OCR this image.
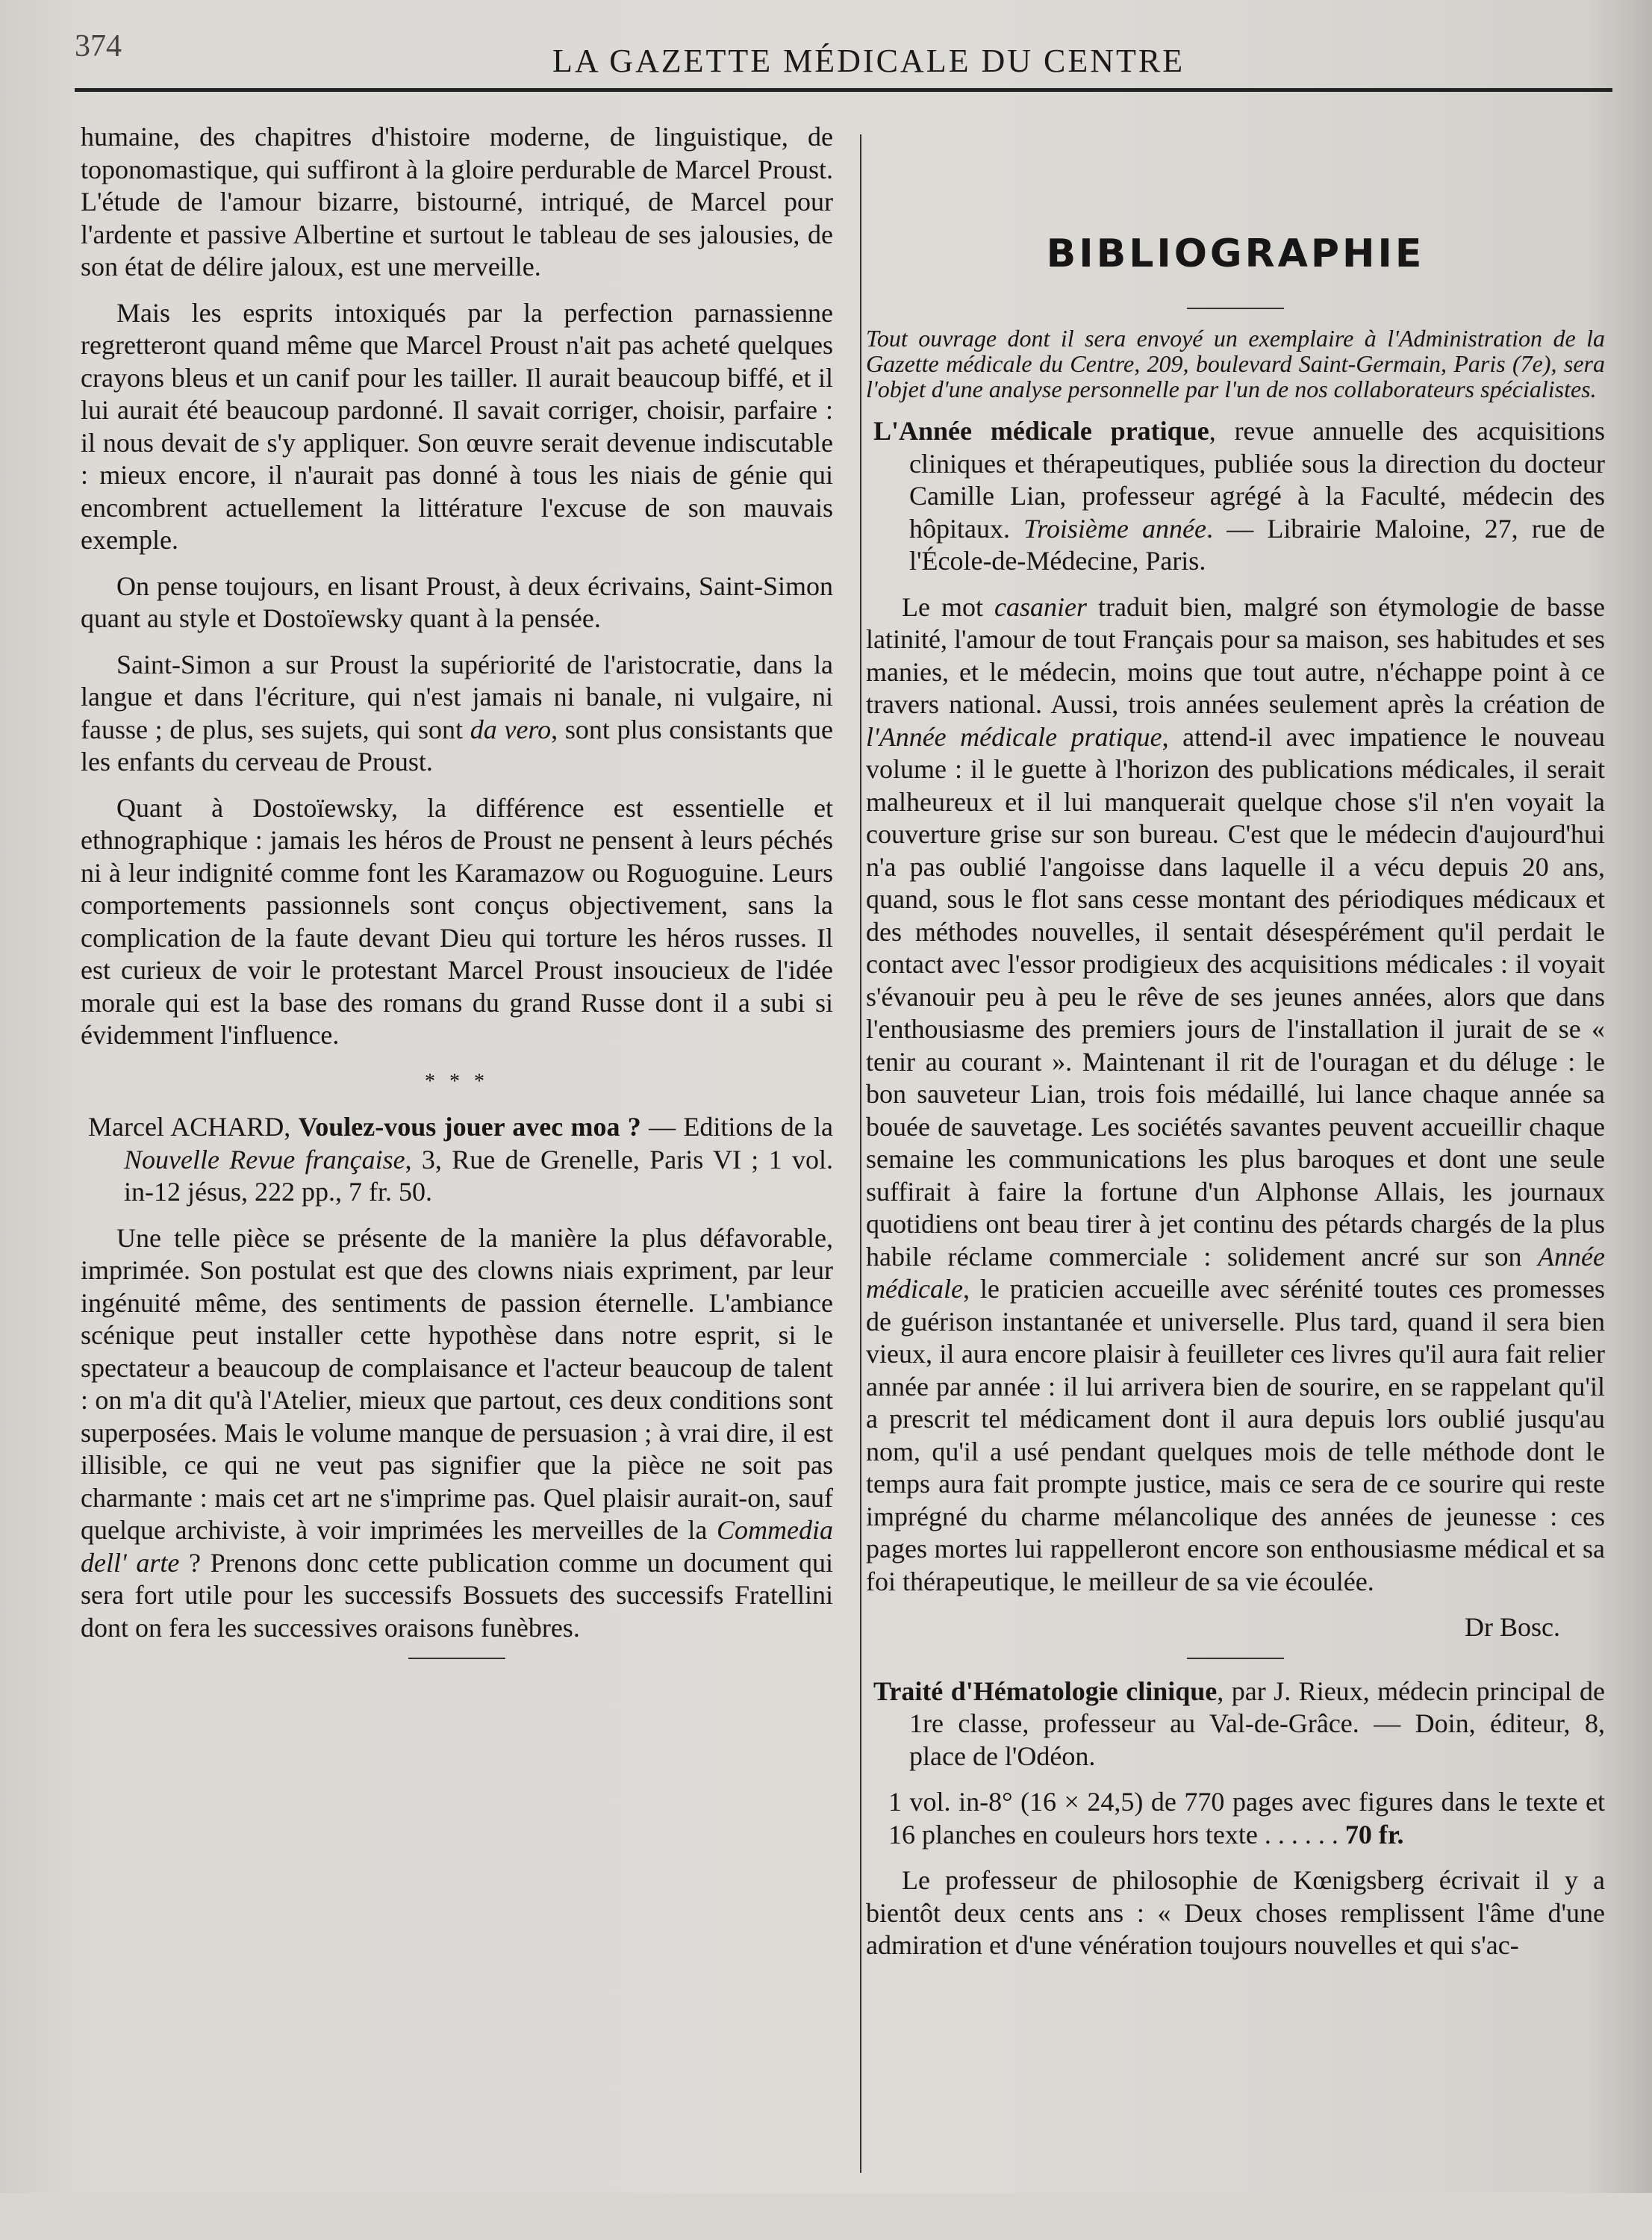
374	LA GAZETTE MÉDICALE DU CENTRE

humaine, des chapitres d'histoire moderne, de linguistique, de toponomastique, qui suffiront à la gloire perdurable de Marcel Proust. L'étude de l'amour bizarre, bistourné, intriqué, de Marcel pour l'ardente et passive Albertine et surtout le tableau de ses jalousies, de son état de délire jaloux, est une merveille.

Mais les esprits intoxiqués par la perfection parnassienne regretteront quand même que Marcel Proust n'ait pas acheté quelques crayons bleus et un canif pour les tailler. Il aurait beaucoup biffé, et il lui aurait été beaucoup pardonné. Il savait corriger, choisir, parfaire : il nous devait de s'y appliquer. Son œuvre serait devenue indiscutable : mieux encore, il n'aurait pas donné à tous les niais de génie qui encombrent actuellement la littérature l'excuse de son mauvais exemple.

On pense toujours, en lisant Proust, à deux écrivains, Saint-Simon quant au style et Dostoïewsky quant à la pensée.

Saint-Simon a sur Proust la supériorité de l'aristocratie, dans la langue et dans l'écriture, qui n'est jamais ni banale, ni vulgaire, ni fausse ; de plus, ses sujets, qui sont da vero, sont plus consistants que les enfants du cerveau de Proust.

Quant à Dostoïewsky, la différence est essentielle et ethnographique : jamais les héros de Proust ne pensent à leurs péchés ni à leur indignité comme font les Karamazow ou Roguoguine. Leurs comportements passionnels sont conçus objectivement, sans la complication de la faute devant Dieu qui torture les héros russes. Il est curieux de voir le protestant Marcel Proust insoucieux de l'idée morale qui est la base des romans du grand Russe dont il a subi si évidemment l'influence.

* * *

Marcel ACHARD, Voulez-vous jouer avec moa ? — Editions de la Nouvelle Revue française, 3, Rue de Grenelle, Paris VI ; 1 vol. in-12 jésus, 222 pp., 7 fr. 50.

Une telle pièce se présente de la manière la plus défavorable, imprimée. Son postulat est que des clowns niais expriment, par leur ingénuité même, des sentiments de passion éternelle. L'ambiance scénique peut installer cette hypothèse dans notre esprit, si le spectateur a beaucoup de complaisance et l'acteur beaucoup de talent : on m'a dit qu'à l'Atelier, mieux que partout, ces deux conditions sont superposées. Mais le volume manque de persuasion ; à vrai dire, il est illisible, ce qui ne veut pas signifier que la pièce ne soit pas charmante : mais cet art ne s'imprime pas. Quel plaisir aurait-on, sauf quelque archiviste, à voir imprimées les merveilles de la Commedia dell' arte ? Prenons donc cette publication comme un document qui sera fort utile pour les successifs Bossuets des successifs Fratellini dont on fera les successives oraisons funèbres.

BIBLIOGRAPHIE

Tout ouvrage dont il sera envoyé un exemplaire à l'Administration de la Gazette médicale du Centre, 209, boulevard Saint-Germain, Paris (7e), sera l'objet d'une analyse personnelle par l'un de nos collaborateurs spécialistes.

L'Année médicale pratique, revue annuelle des acquisitions cliniques et thérapeutiques, publiée sous la direction du docteur Camille Lian, professeur agrégé à la Faculté, médecin des hôpitaux. Troisième année. — Librairie Maloine, 27, rue de l'École-de-Médecine, Paris.

Le mot casanier traduit bien, malgré son étymologie de basse latinité, l'amour de tout Français pour sa maison, ses habitudes et ses manies, et le médecin, moins que tout autre, n'échappe point à ce travers national. Aussi, trois années seulement après la création de l'Année médicale pratique, attend-il avec impatience le nouveau volume : il le guette à l'horizon des publications médicales, il serait malheureux et il lui manquerait quelque chose s'il n'en voyait la couverture grise sur son bureau. C'est que le médecin d'aujourd'hui n'a pas oublié l'angoisse dans laquelle il a vécu depuis 20 ans, quand, sous le flot sans cesse montant des périodiques médicaux et des méthodes nouvelles, il sentait désespérément qu'il perdait le contact avec l'essor prodigieux des acquisitions médicales : il voyait s'évanouir peu à peu le rêve de ses jeunes années, alors que dans l'enthousiasme des premiers jours de l'installation il jurait de se « tenir au courant ». Maintenant il rit de l'ouragan et du déluge : le bon sauveteur Lian, trois fois médaillé, lui lance chaque année sa bouée de sauvetage. Les sociétés savantes peuvent accueillir chaque semaine les communications les plus baroques et dont une seule suffirait à faire la fortune d'un Alphonse Allais, les journaux quotidiens ont beau tirer à jet continu des pétards chargés de la plus habile réclame commerciale : solidement ancré sur son Année médicale, le praticien accueille avec sérénité toutes ces promesses de guérison instantanée et universelle. Plus tard, quand il sera bien vieux, il aura encore plaisir à feuilleter ces livres qu'il aura fait relier année par année : il lui arrivera bien de sourire, en se rappelant qu'il a prescrit tel médicament dont il aura depuis lors oublié jusqu'au nom, qu'il a usé pendant quelques mois de telle méthode dont le temps aura fait prompte justice, mais ce sera de ce sourire qui reste imprégné du charme mélancolique des années de jeunesse : ces pages mortes lui rappelleront encore son enthousiasme médical et sa foi thérapeutique, le meilleur de sa vie écoulée.

Dr Bosc.

Traité d'Hématologie clinique, par J. Rieux, médecin principal de 1re classe, professeur au Val-de-Grâce. — Doin, éditeur, 8, place de l'Odéon.

1 vol. in-8° (16 × 24,5) de 770 pages avec figures dans le texte et 16 planches en couleurs hors texte . . . . . . 70 fr.

Le professeur de philosophie de Kœnigsberg écrivait il y a bientôt deux cents ans : « Deux choses remplissent l'âme d'une admiration et d'une vénération toujours nouvelles et qui s'ac-
